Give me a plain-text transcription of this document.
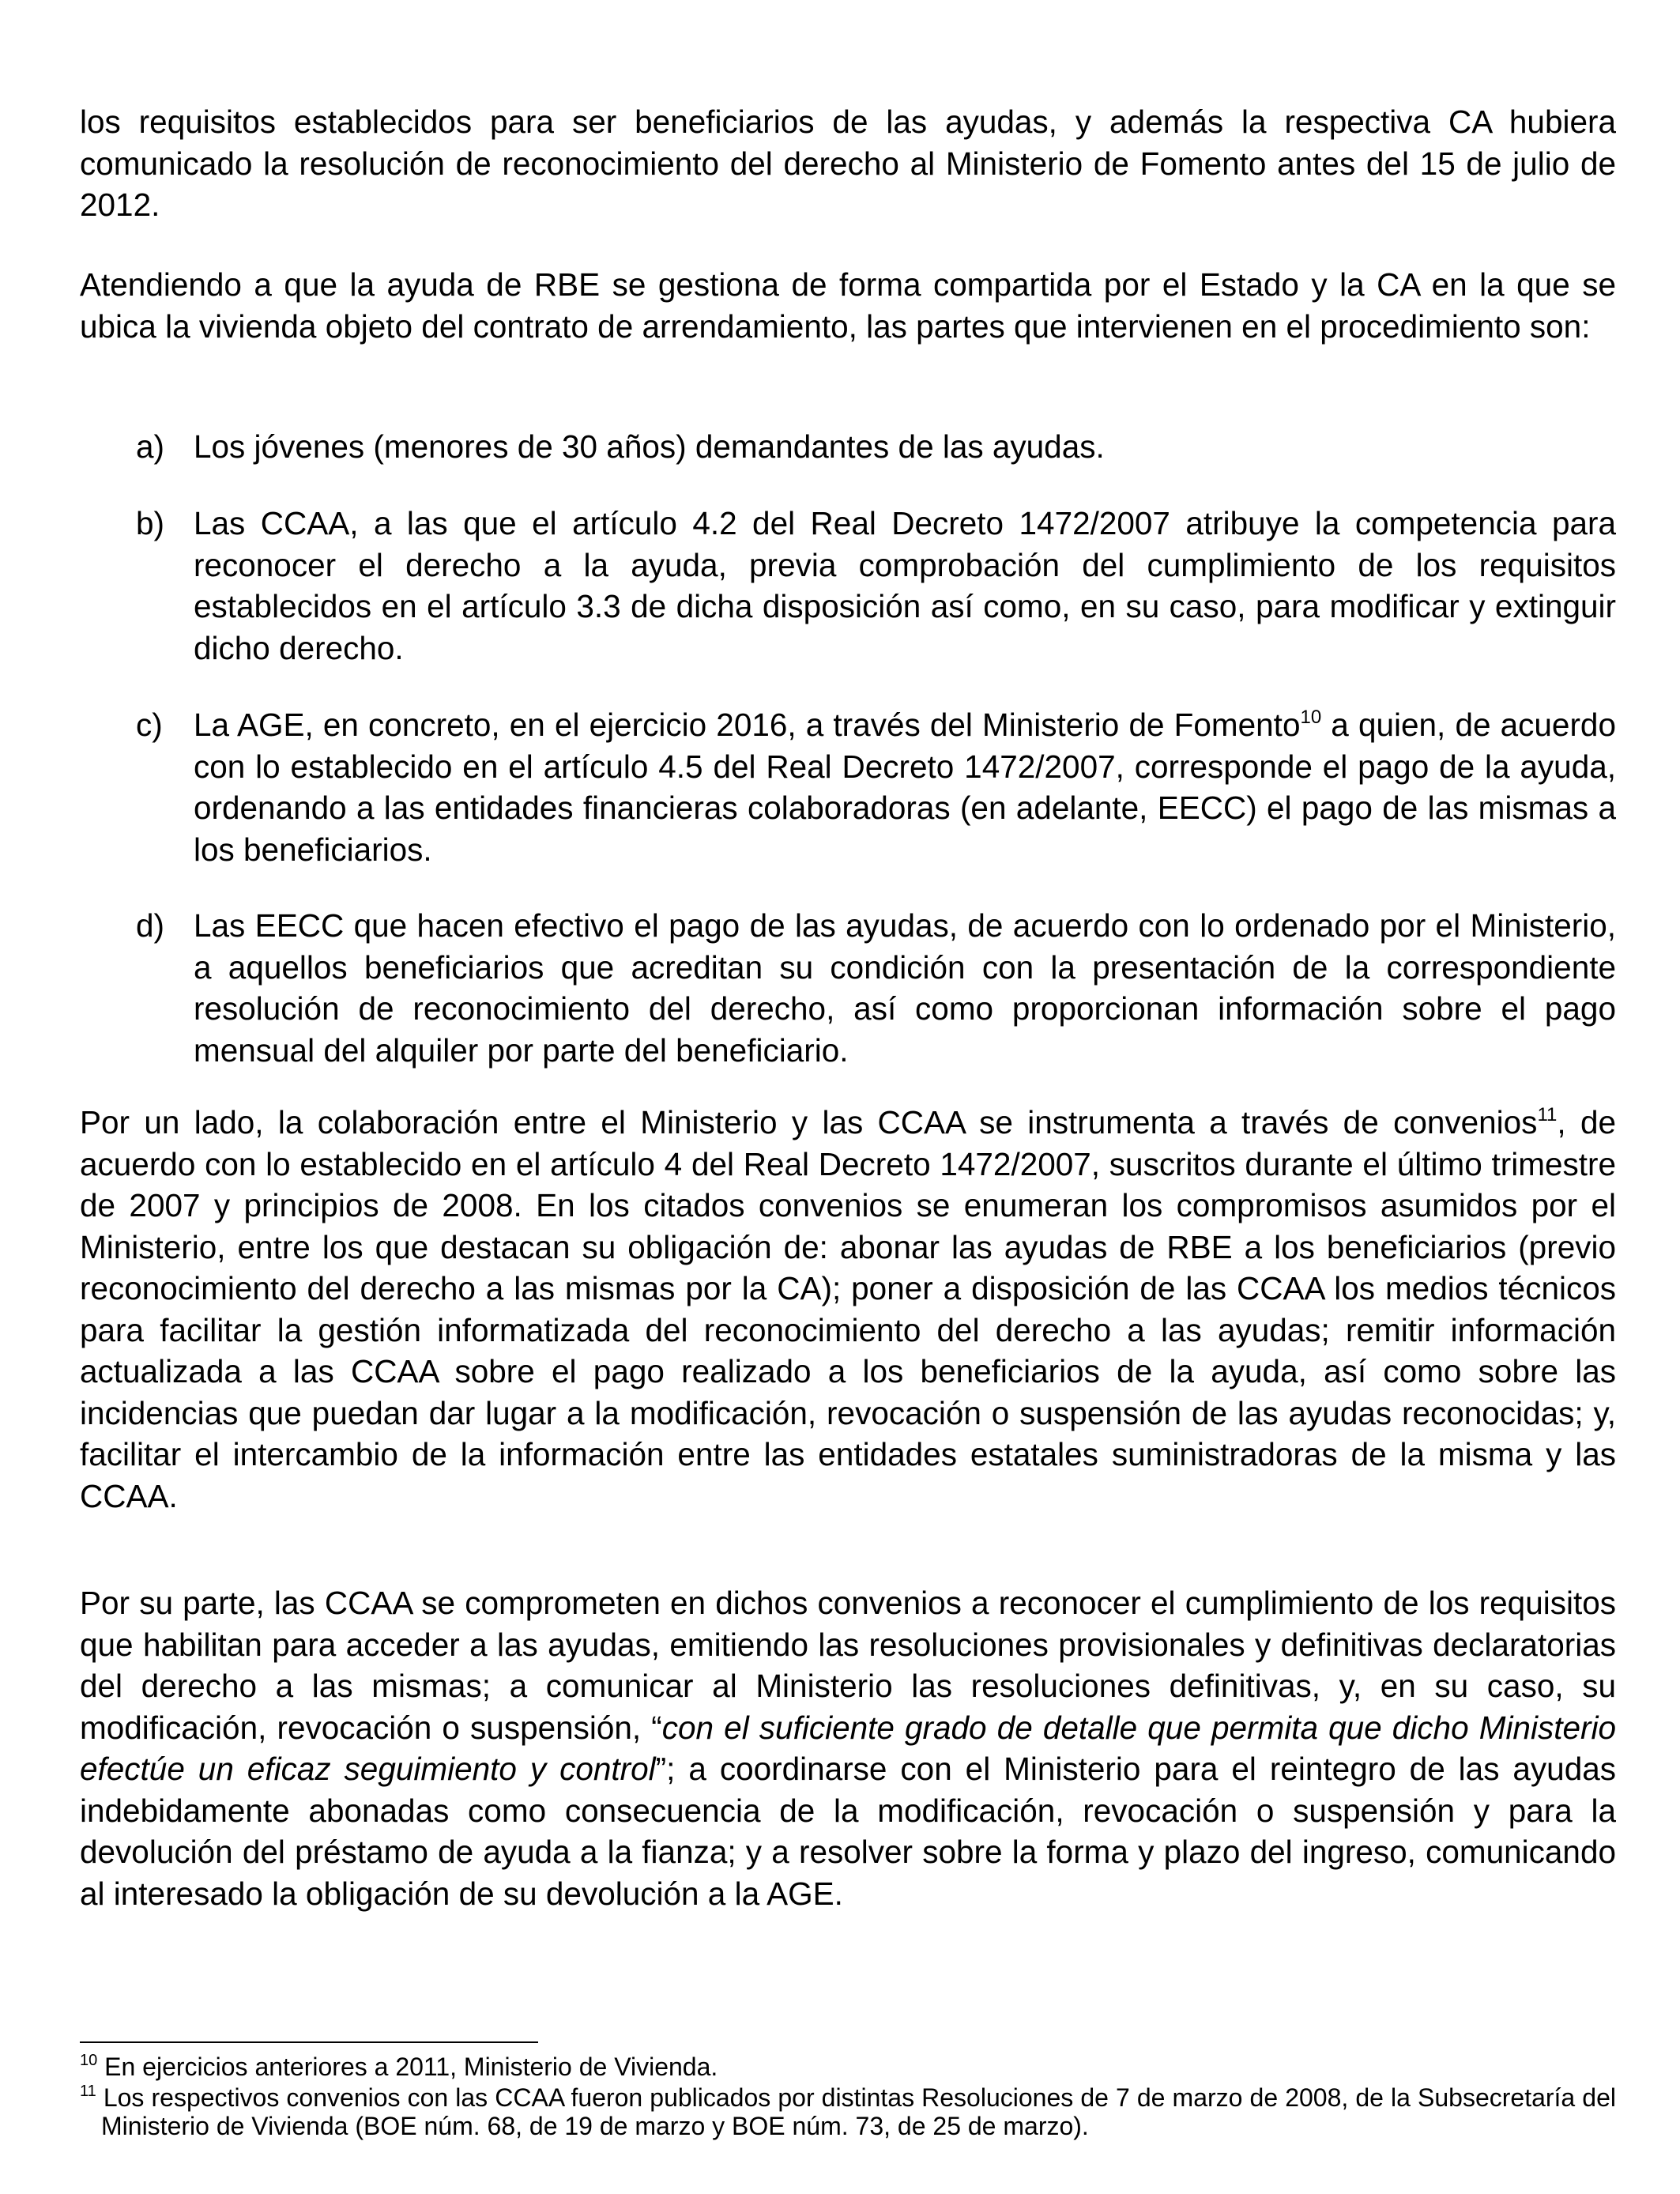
los requisitos establecidos para ser beneficiarios de las ayudas, y además la respectiva CA hubiera comunicado la resolución de reconocimiento del derecho al Ministerio de Fomento antes del 15 de julio de 2012.

Atendiendo a que la ayuda de RBE se gestiona de forma compartida por el Estado y la CA en la que se ubica la vivienda objeto del contrato de arrendamiento, las partes que intervienen en el procedimiento son:

a) Los jóvenes (menores de 30 años) demandantes de las ayudas.

b) Las CCAA, a las que el artículo 4.2 del Real Decreto 1472/2007 atribuye la competencia para reconocer el derecho a la ayuda, previa comprobación del cumplimiento de los requisitos establecidos en el artículo 3.3 de dicha disposición así como, en su caso, para modificar y extinguir dicho derecho.

c) La AGE, en concreto, en el ejercicio 2016, a través del Ministerio de Fomento$^{10}$ a quien, de acuerdo con lo establecido en el artículo 4.5 del Real Decreto 1472/2007, corresponde el pago de la ayuda, ordenando a las entidades financieras colaboradoras (en adelante, EECC) el pago de las mismas a los beneficiarios.

d) Las EECC que hacen efectivo el pago de las ayudas, de acuerdo con lo ordenado por el Ministerio, a aquellos beneficiarios que acreditan su condición con la presentación de la correspondiente resolución de reconocimiento del derecho, así como proporcionan información sobre el pago mensual del alquiler por parte del beneficiario.

Por un lado, la colaboración entre el Ministerio y las CCAA se instrumenta a través de convenios$^{11}$, de acuerdo con lo establecido en el artículo 4 del Real Decreto 1472/2007, suscritos durante el último trimestre de 2007 y principios de 2008. En los citados convenios se enumeran los compromisos asumidos por el Ministerio, entre los que destacan su obligación de: abonar las ayudas de RBE a los beneficiarios (previo reconocimiento del derecho a las mismas por la CA); poner a disposición de las CCAA los medios técnicos para facilitar la gestión informatizada del reconocimiento del derecho a las ayudas; remitir información actualizada a las CCAA sobre el pago realizado a los beneficiarios de la ayuda, así como sobre las incidencias que puedan dar lugar a la modificación, revocación o suspensión de las ayudas reconocidas; y, facilitar el intercambio de la información entre las entidades estatales suministradoras de la misma y las CCAA.

Por su parte, las CCAA se comprometen en dichos convenios a reconocer el cumplimiento de los requisitos que habilitan para acceder a las ayudas, emitiendo las resoluciones provisionales y definitivas declaratorias del derecho a las mismas; a comunicar al Ministerio las resoluciones definitivas, y, en su caso, su modificación, revocación o suspensión, “con el suficiente grado de detalle que permita que dicho Ministerio efectúe un eficaz seguimiento y control”; a coordinarse con el Ministerio para el reintegro de las ayudas indebidamente abonadas como consecuencia de la modificación, revocación o suspensión y para la devolución del préstamo de ayuda a la fianza; y a resolver sobre la forma y plazo del ingreso, comunicando al interesado la obligación de su devolución a la AGE.

$^{10}$ En ejercicios anteriores a 2011, Ministerio de Vivienda.
$^{11}$ Los respectivos convenios con las CCAA fueron publicados por distintas Resoluciones de 7 de marzo de 2008, de la Subsecretaría del Ministerio de Vivienda (BOE núm. 68, de 19 de marzo y BOE núm. 73, de 25 de marzo).
